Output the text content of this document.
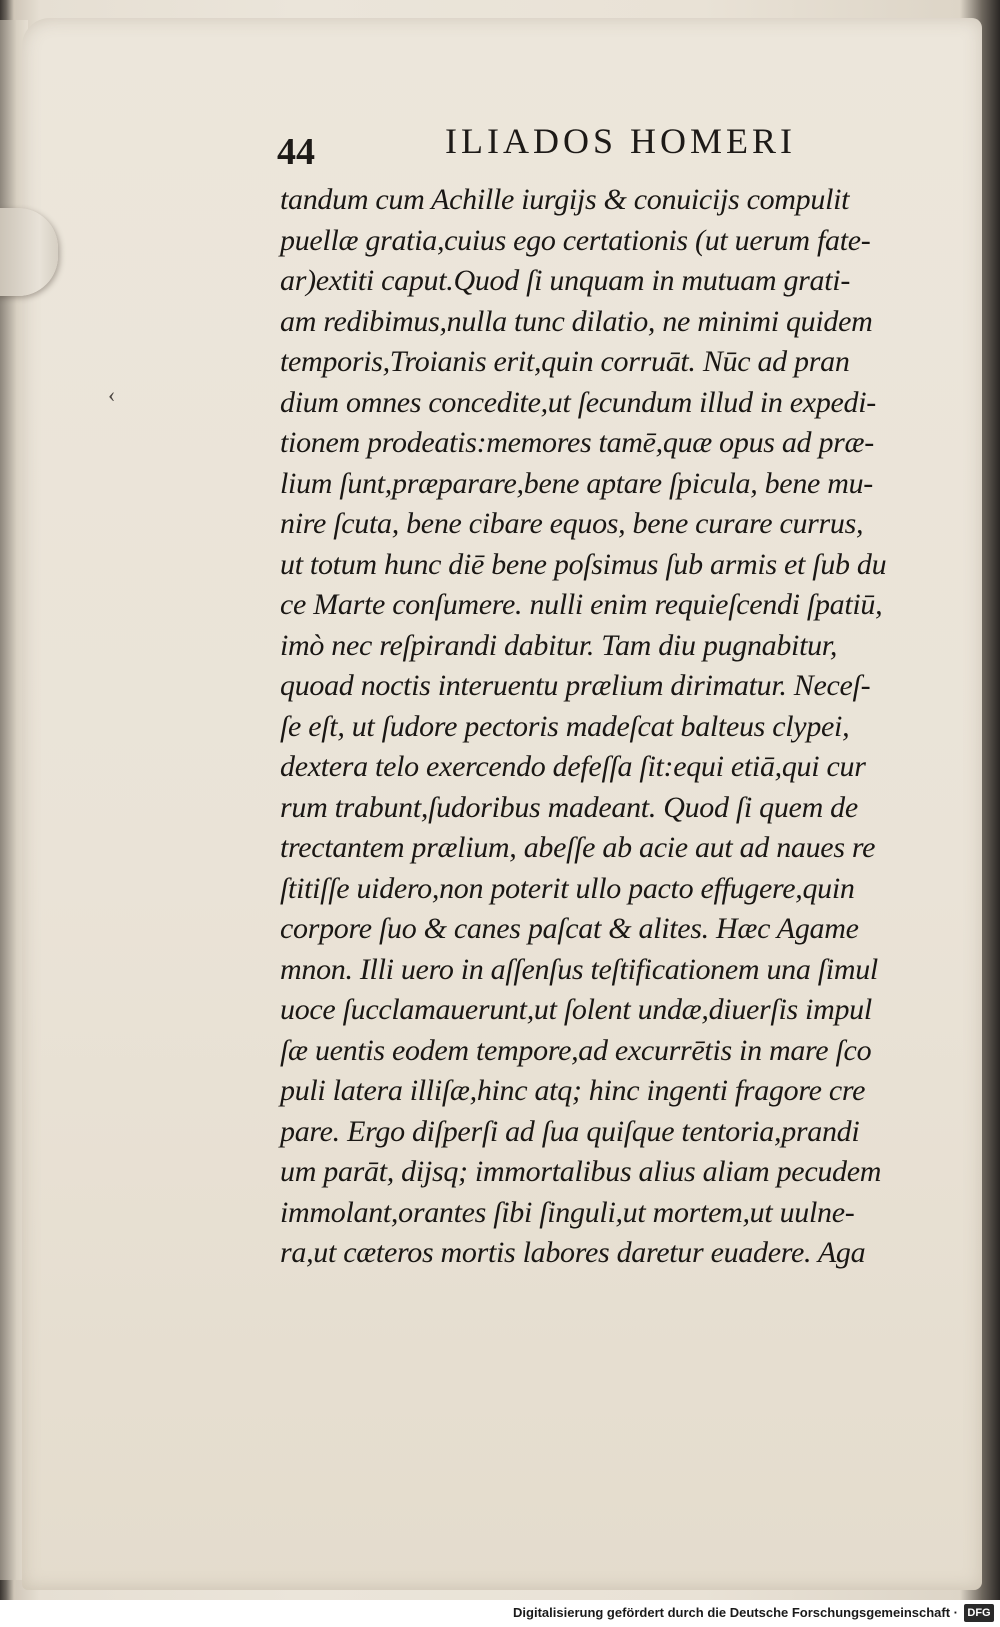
‹
44	ILIADOS HOMERI
tandum cum Achille iurgijs & conuicijs compulit
puellæ gratia,cuius ego certationis (ut uerum fate-
ar)extiti caput.Quod ſi unquam in mutuam grati-
am redibimus,nulla tunc dilatio, ne minimi quidem
temporis,Troianis erit,quin corruāt. Nūc ad pran
dium omnes concedite,ut ſecundum illud in expedi-
tionem prodeatis:memores tamē,quæ opus ad præ-
lium ſunt,præparare,bene aptare ſpicula, bene mu-
nire ſcuta, bene cibare equos, bene curare currus,
ut totum hunc diē bene poſsimus ſub armis et ſub du
ce Marte conſumere. nulli enim requieſcendi ſpatiū,
imò nec reſpirandi dabitur. Tam diu pugnabitur,
quoad noctis interuentu prælium dirimatur. Neceſ-
ſe eſt, ut ſudore pectoris madeſcat balteus clypei,
dextera telo exercendo defeſſa ſit:equi etiā,qui cur
rum trabunt,ſudoribus madeant. Quod ſi quem de
trectantem prælium, abeſſe ab acie aut ad naues re
ſtitiſſe uidero,non poterit ullo pacto effugere,quin
corpore ſuo & canes paſcat & alites. Hæc Agame
mnon. Illi uero in aſſenſus teſtificationem una ſimul
uoce ſucclamauerunt,ut ſolent undæ,diuerſis impul
ſæ uentis eodem tempore,ad excurrētis in mare ſco
puli latera illiſæ,hinc atq; hinc ingenti fragore cre
pare. Ergo diſperſi ad ſua quiſque tentoria,prandi
um parāt, dijsq; immortalibus alius aliam pecudem
immolant,orantes ſibi ſinguli,ut mortem,ut uulne-
ra,ut cæteros mortis labores daretur euadere. Aga
Digitalisierung gefördert durch die Deutsche Forschungsgemeinschaft · DFG
